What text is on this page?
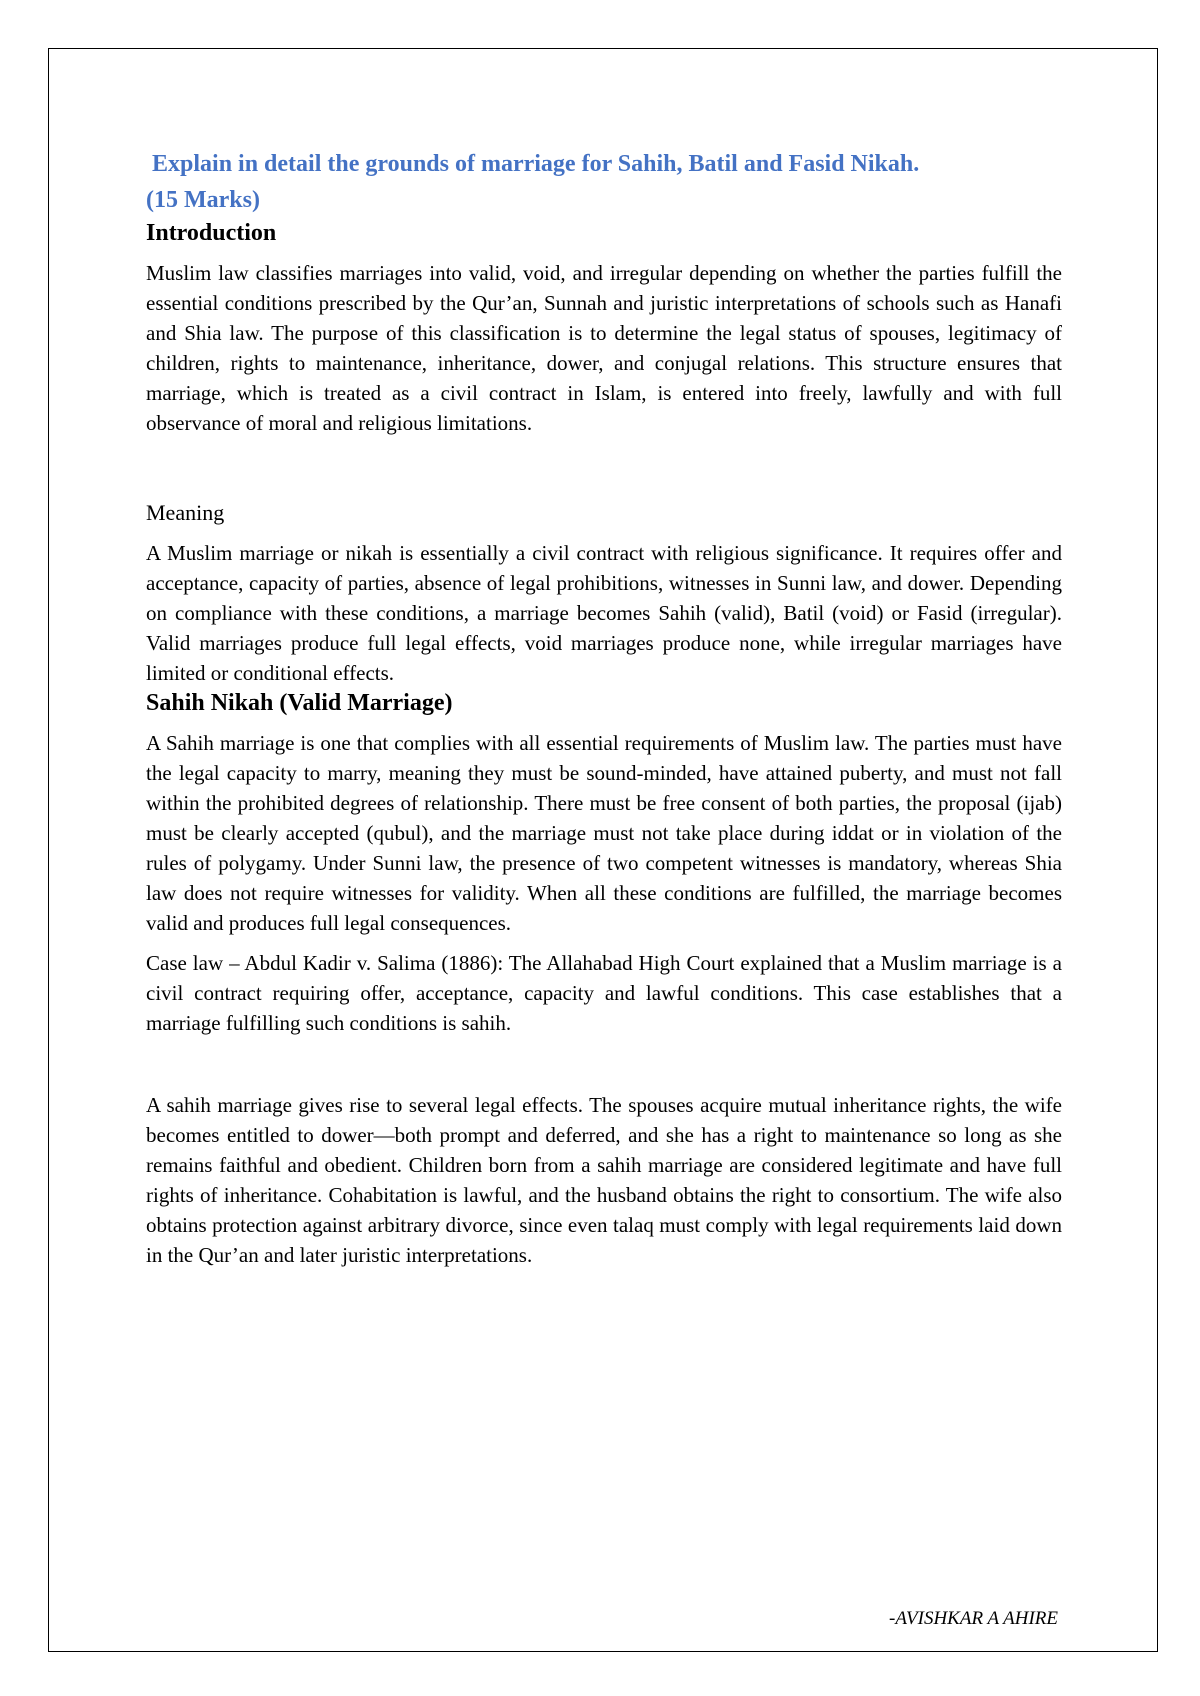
Explain in detail the grounds of marriage for Sahih, Batil and Fasid Nikah.
(15 Marks)
Introduction

Muslim law classifies marriages into valid, void, and irregular depending on whether the parties fulfill the essential conditions prescribed by the Qur’an, Sunnah and juristic interpretations of schools such as Hanafi and Shia law. The purpose of this classification is to determine the legal status of spouses, legitimacy of children, rights to maintenance, inheritance, dower, and conjugal relations. This structure ensures that marriage, which is treated as a civil contract in Islam, is entered into freely, lawfully and with full observance of moral and religious limitations.

Meaning

A Muslim marriage or nikah is essentially a civil contract with religious significance. It requires offer and acceptance, capacity of parties, absence of legal prohibitions, witnesses in Sunni law, and dower. Depending on compliance with these conditions, a marriage becomes Sahih (valid), Batil (void) or Fasid (irregular). Valid marriages produce full legal effects, void marriages produce none, while irregular marriages have limited or conditional effects.

Sahih Nikah (Valid Marriage)

A Sahih marriage is one that complies with all essential requirements of Muslim law. The parties must have the legal capacity to marry, meaning they must be sound-minded, have attained puberty, and must not fall within the prohibited degrees of relationship. There must be free consent of both parties, the proposal (ijab) must be clearly accepted (qubul), and the marriage must not take place during iddat or in violation of the rules of polygamy. Under Sunni law, the presence of two competent witnesses is mandatory, whereas Shia law does not require witnesses for validity. When all these conditions are fulfilled, the marriage becomes valid and produces full legal consequences.

Case law – Abdul Kadir v. Salima (1886): The Allahabad High Court explained that a Muslim marriage is a civil contract requiring offer, acceptance, capacity and lawful conditions. This case establishes that a marriage fulfilling such conditions is sahih.

A sahih marriage gives rise to several legal effects. The spouses acquire mutual inheritance rights, the wife becomes entitled to dower—both prompt and deferred, and she has a right to maintenance so long as she remains faithful and obedient. Children born from a sahih marriage are considered legitimate and have full rights of inheritance. Cohabitation is lawful, and the husband obtains the right to consortium. The wife also obtains protection against arbitrary divorce, since even talaq must comply with legal requirements laid down in the Qur’an and later juristic interpretations.

-AVISHKAR A AHIRE
